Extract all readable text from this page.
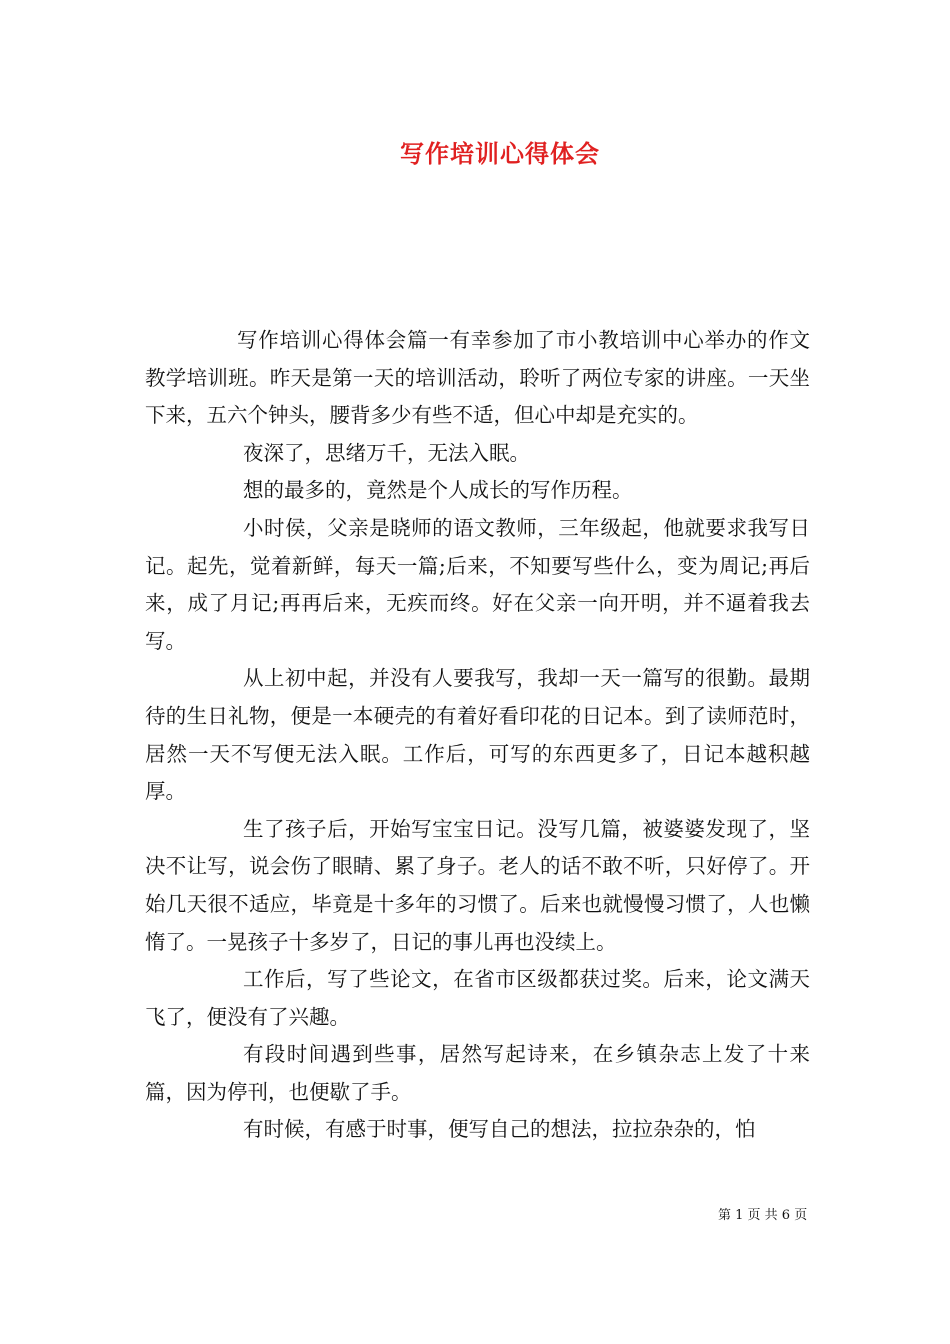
写作培训心得体会

写作培训心得体会篇一有幸参加了市小教培训中心举办的作文教学培训班。昨天是第一天的培训活动，聆听了两位专家的讲座。一天坐下来，五六个钟头，腰背多少有些不适，但心中却是充实的。

夜深了，思绪万千，无法入眠。

想的最多的，竟然是个人成长的写作历程。

小时侯，父亲是晓师的语文教师，三年级起，他就要求我写日记。起先，觉着新鲜，每天一篇;后来，不知要写些什么，变为周记;再后来，成了月记;再再后来，无疾而终。好在父亲一向开明，并不逼着我去写。

从上初中起，并没有人要我写，我却一天一篇写的很勤。最期待的生日礼物，便是一本硬壳的有着好看印花的日记本。到了读师范时，居然一天不写便无法入眠。工作后，可写的东西更多了，日记本越积越厚。

生了孩子后，开始写宝宝日记。没写几篇，被婆婆发现了，坚决不让写，说会伤了眼睛、累了身子。老人的话不敢不听，只好停了。开始几天很不适应，毕竟是十多年的习惯了。后来也就慢慢习惯了，人也懒惰了。一晃孩子十多岁了，日记的事儿再也没续上。

工作后，写了些论文，在省市区级都获过奖。后来，论文满天飞了，便没有了兴趣。

有段时间遇到些事，居然写起诗来，在乡镇杂志上发了十来篇，因为停刊，也便歇了手。

有时候，有感于时事，便写自己的想法，拉拉杂杂的，怕

第 1 页 共 6 页
